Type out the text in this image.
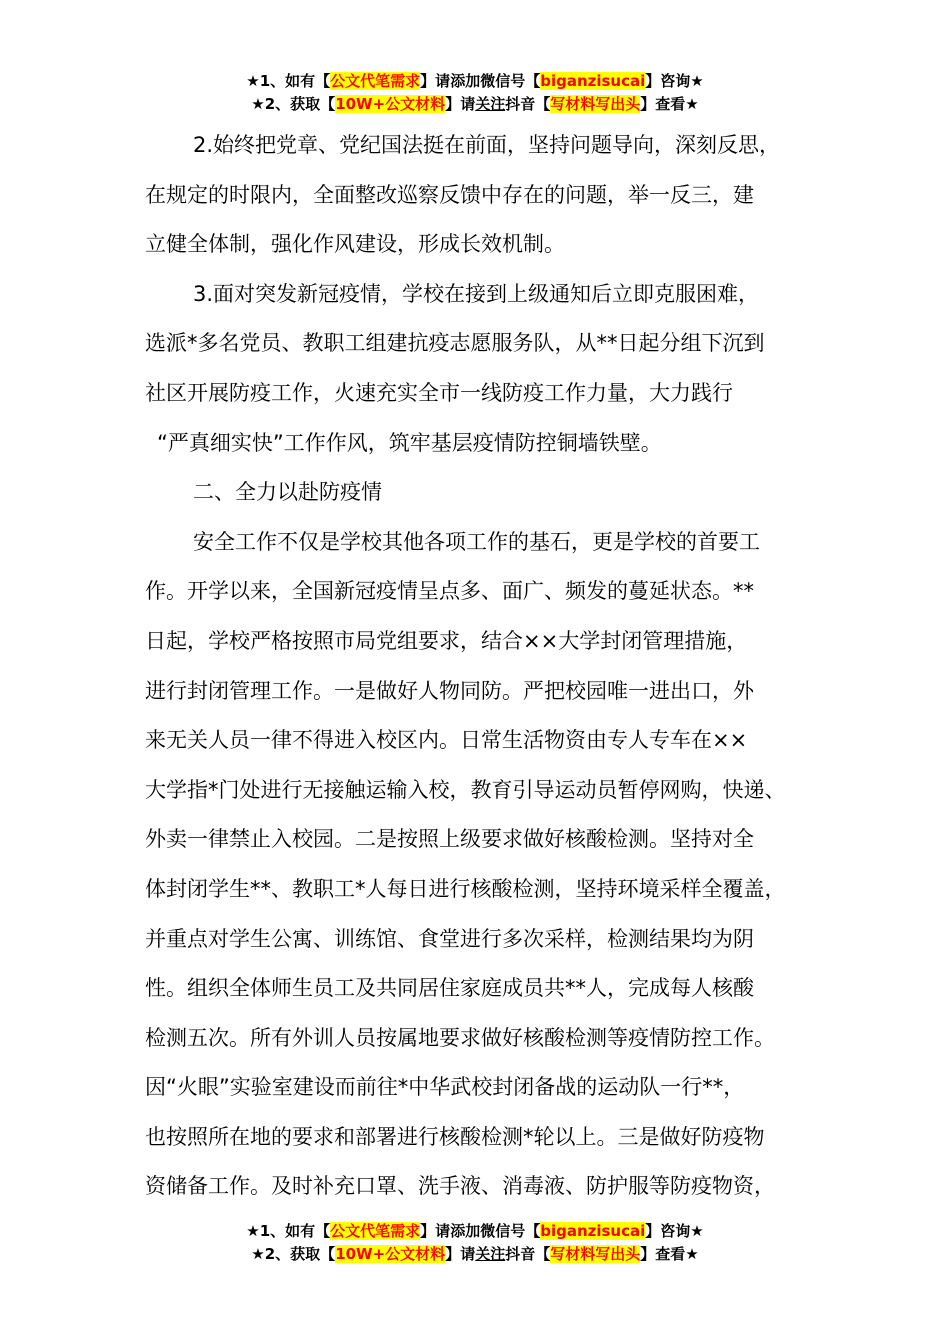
★1、如有【公文代笔需求】请添加微信号【biganzisucai】咨询★
★2、获取【10W+公文材料】请关注抖音【写材料写出头】查看★
2.始终把党章、党纪国法挺在前面，坚持问题导向，深刻反思，
在规定的时限内，全面整改巡察反馈中存在的问题，举一反三，建
立健全体制，强化作风建设，形成长效机制。
3.面对突发新冠疫情，学校在接到上级通知后立即克服困难，
选派*多名党员、教职工组建抗疫志愿服务队，从**日起分组下沉到
社区开展防疫工作，火速充实全市一线防疫工作力量，大力践行
“严真细实快”工作作风，筑牢基层疫情防控铜墙铁壁。
二、全力以赴防疫情
安全工作不仅是学校其他各项工作的基石，更是学校的首要工
作。开学以来，全国新冠疫情呈点多、面广、频发的蔓延状态。**
日起，学校严格按照市局党组要求，结合××大学封闭管理措施，
进行封闭管理工作。一是做好人物同防。严把校园唯一进出口，外
来无关人员一律不得进入校区内。日常生活物资由专人专车在××
大学指*门处进行无接触运输入校，教育引导运动员暂停网购，快递、
外卖一律禁止入校园。二是按照上级要求做好核酸检测。坚持对全
体封闭学生**、教职工*人每日进行核酸检测，坚持环境采样全覆盖，
并重点对学生公寓、训练馆、食堂进行多次采样，检测结果均为阴
性。组织全体师生员工及共同居住家庭成员共**人，完成每人核酸
检测五次。所有外训人员按属地要求做好核酸检测等疫情防控工作。
因“火眼”实验室建设而前往*中华武校封闭备战的运动队一行**，
也按照所在地的要求和部署进行核酸检测*轮以上。三是做好防疫物
资储备工作。及时补充口罩、洗手液、消毒液、防护服等防疫物资，
★1、如有【公文代笔需求】请添加微信号【biganzisucai】咨询★
★2、获取【10W+公文材料】请关注抖音【写材料写出头】查看★
